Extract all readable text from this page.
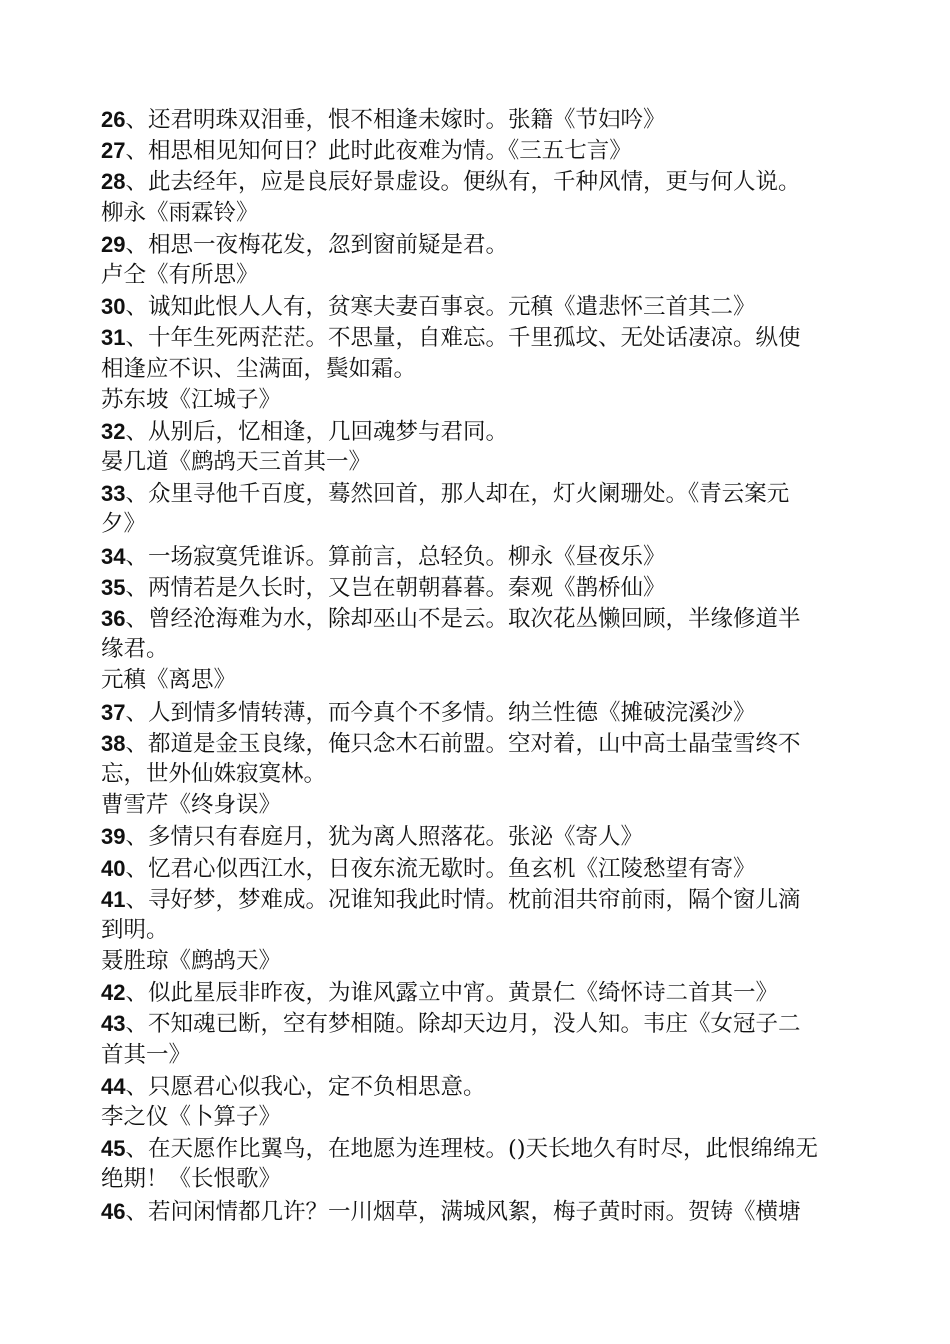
26、还君明珠双泪垂，恨不相逢未嫁时。张籍《节妇吟》
27、相思相见知何日？此时此夜难为情。《三五七言》
28、此去经年，应是良辰好景虚设。便纵有，千种风情，更与何人说。
柳永《雨霖铃》
29、相思一夜梅花发，忽到窗前疑是君。
卢仝《有所思》
30、诚知此恨人人有，贫寒夫妻百事哀。元稹《遣悲怀三首其二》
31、十年生死两茫茫。不思量，自难忘。千里孤坟、无处话凄凉。纵使
相逢应不识、尘满面，鬓如霜。
苏东坡《江城子》
32、从别后，忆相逢，几回魂梦与君同。
晏几道《鹧鸪天三首其一》
33、众里寻他千百度，蓦然回首，那人却在，灯火阑珊处。《青云案元
夕》
34、一场寂寞凭谁诉。算前言，总轻负。柳永《昼夜乐》
35、两情若是久长时，又岂在朝朝暮暮。秦观《鹊桥仙》
36、曾经沧海难为水，除却巫山不是云。取次花丛懒回顾，半缘修道半
缘君。
元稹《离思》
37、人到情多情转薄，而今真个不多情。纳兰性德《摊破浣溪沙》
38、都道是金玉良缘，俺只念木石前盟。空对着，山中高士晶莹雪终不
忘，世外仙姝寂寞林。
曹雪芹《终身误》
39、多情只有春庭月，犹为离人照落花。张泌《寄人》
40、忆君心似西江水，日夜东流无歇时。鱼玄机《江陵愁望有寄》
41、寻好梦，梦难成。况谁知我此时情。枕前泪共帘前雨，隔个窗儿滴
到明。
聂胜琼《鹧鸪天》
42、似此星辰非昨夜，为谁风露立中宵。黄景仁《绮怀诗二首其一》
43、不知魂已断，空有梦相随。除却天边月，没人知。韦庄《女冠子二
首其一》
44、只愿君心似我心，定不负相思意。
李之仪《卜算子》
45、在天愿作比翼鸟，在地愿为连理枝。()天长地久有时尽，此恨绵绵无
绝期！《长恨歌》
46、若问闲情都几许？一川烟草，满城风絮，梅子黄时雨。贺铸《横塘
